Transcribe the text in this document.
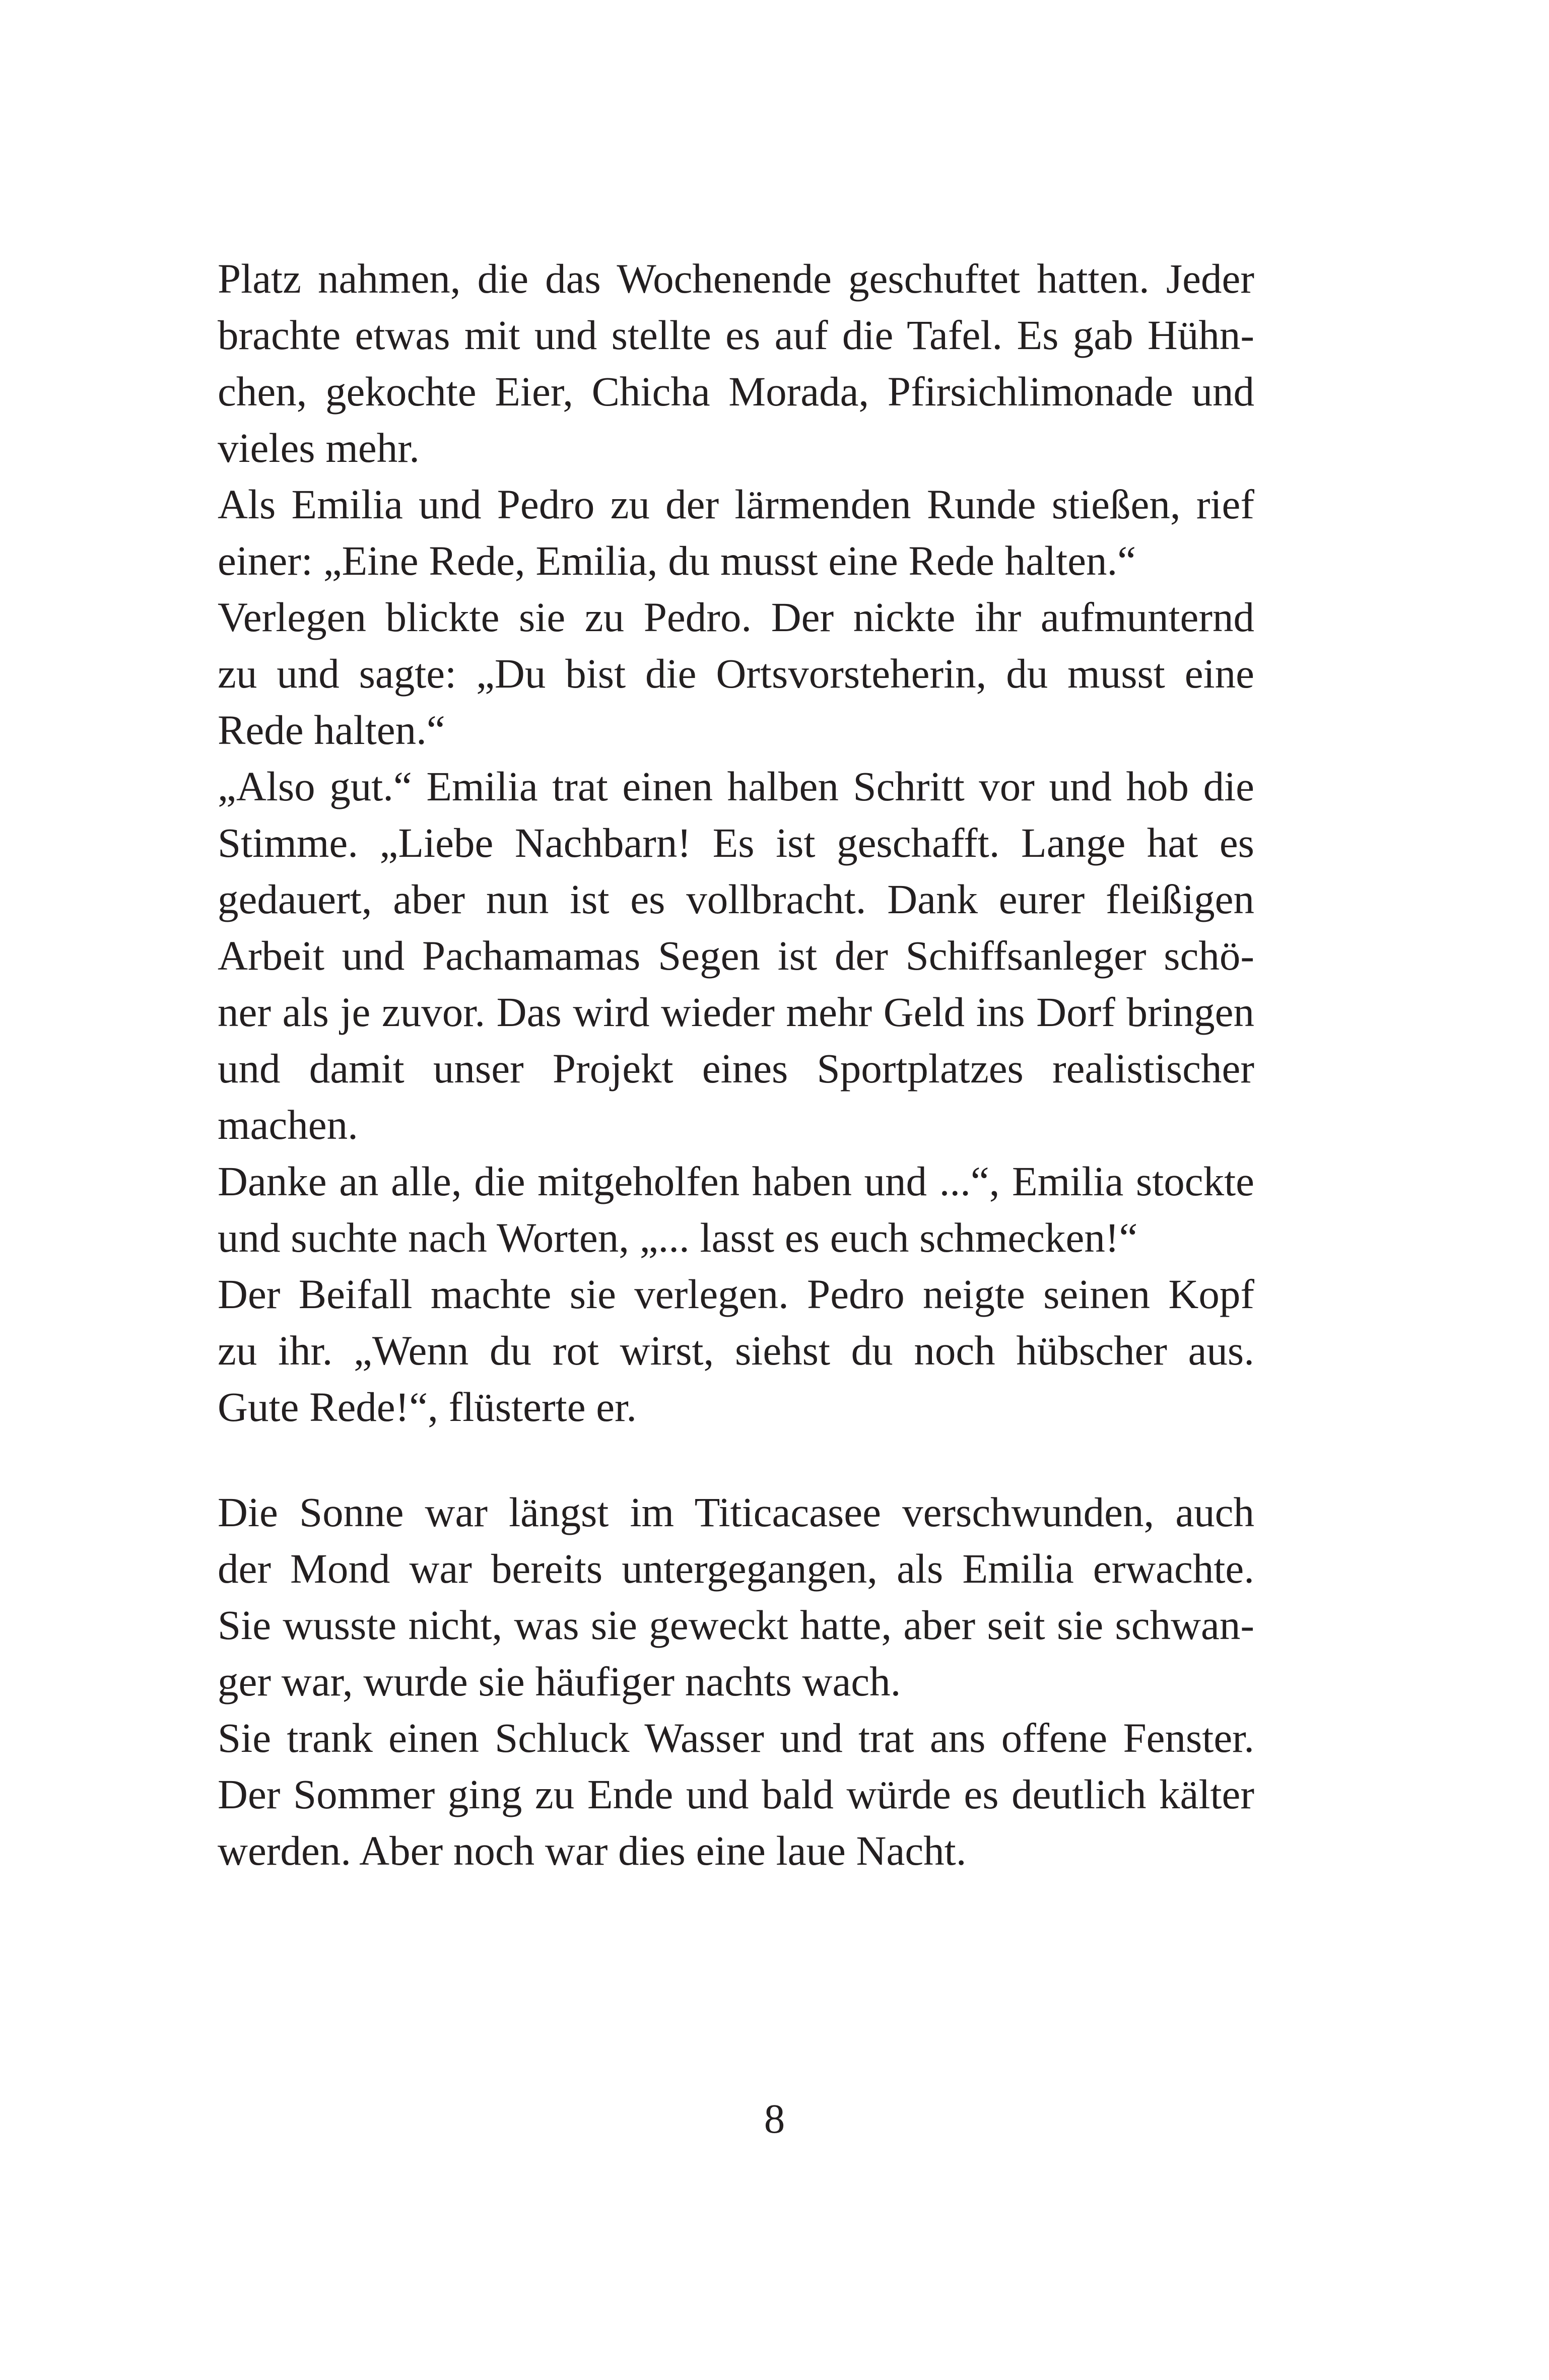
Platz nahmen, die das Wochenende geschuftet hatten. Jeder
brachte etwas mit und stellte es auf die Tafel. Es gab Hühn-
chen, gekochte Eier, Chicha Morada, Pfirsichlimonade und
vieles mehr.
Als Emilia und Pedro zu der lärmenden Runde stießen, rief
einer: „Eine Rede, Emilia, du musst eine Rede halten.“
Verlegen blickte sie zu Pedro. Der nickte ihr aufmunternd
zu und sagte: „Du bist die Ortsvorsteherin, du musst eine
Rede halten.“
„Also gut.“ Emilia trat einen halben Schritt vor und hob die
Stimme. „Liebe Nachbarn! Es ist geschafft. Lange hat es
gedauert, aber nun ist es vollbracht. Dank eurer fleißigen
Arbeit und Pachamamas Segen ist der Schiffsanleger schö-
ner als je zuvor. Das wird wieder mehr Geld ins Dorf bringen
und damit unser Projekt eines Sportplatzes realistischer
machen.
Danke an alle, die mitgeholfen haben und ...“, Emilia stockte
und suchte nach Worten, „... lasst es euch schmecken!“
Der Beifall machte sie verlegen. Pedro neigte seinen Kopf
zu ihr. „Wenn du rot wirst, siehst du noch hübscher aus.
Gute Rede!“, flüsterte er.
Die Sonne war längst im Titicacasee verschwunden, auch
der Mond war bereits untergegangen, als Emilia erwachte.
Sie wusste nicht, was sie geweckt hatte, aber seit sie schwan-
ger war, wurde sie häufiger nachts wach.
Sie trank einen Schluck Wasser und trat ans offene Fenster.
Der Sommer ging zu Ende und bald würde es deutlich kälter
werden. Aber noch war dies eine laue Nacht.
8
